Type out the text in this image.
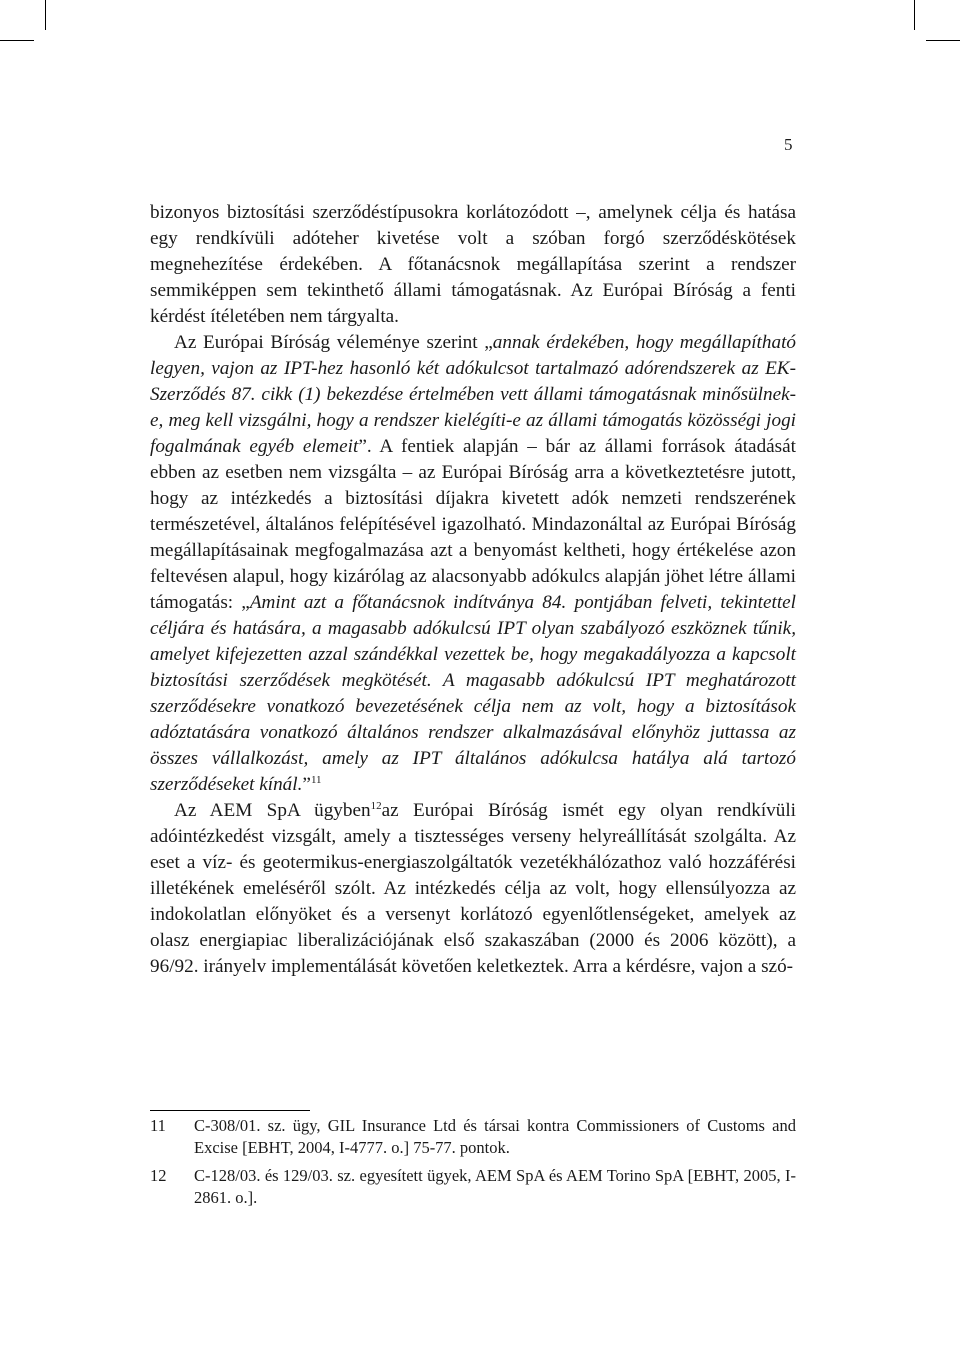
5

bizonyos biztosítási szerződéstípusokra korlátozódott –, amelynek célja és hatása egy rendkívüli adóteher kivetése volt a szóban forgó szerződéskötések megnehezítése érdekében. A főtanácsnok megállapítása szerint a rendszer semmiképpen sem tekinthető állami támogatásnak. Az Európai Bíróság a fenti kérdést ítéletében nem tárgyalta.

Az Európai Bíróság véleménye szerint „annak érdekében, hogy megállapítható legyen, vajon az IPT-hez hasonló két adókulcsot tartalmazó adórendszerek az EK-Szerződés 87. cikk (1) bekezdése értelmében vett állami támogatásnak minősülnek-e, meg kell vizsgálni, hogy a rendszer kielégíti-e az állami támogatás közösségi jogi fogalmának egyéb elemeit”. A fentiek alapján – bár az állami források átadását ebben az esetben nem vizsgálta – az Európai Bíróság arra a következtetésre jutott, hogy az intézkedés a biztosítási díjakra kivetett adók nemzeti rendszerének természetével, általános felépítésével igazolható. Mindazonáltal az Európai Bíróság megállapításainak megfogalmazása azt a benyomást keltheti, hogy értékelése azon feltevésen alapul, hogy kizárólag az alacsonyabb adókulcs alapján jöhet létre állami támogatás: „Amint azt a főtanácsnok indítványa 84. pontjában felveti, tekintettel céljára és hatására, a magasabb adókulcsú IPT olyan szabályozó eszköznek tűnik, amelyet kifejezetten azzal szándékkal vezettek be, hogy megakadályozza a kapcsolt biztosítási szerződések megkötését. A magasabb adókulcsú IPT meghatározott szerződésekre vonatkozó bevezetésének célja nem az volt, hogy a biztosítások adóztatására vonatkozó általános rendszer alkalmazásával előnyhöz juttassa az összes vállalkozást, amely az IPT általános adókulcsa hatálya alá tartozó szerződéseket kínál.”$^{11}$

Az AEM SpA ügyben$^{12}$az Európai Bíróság ismét egy olyan rendkívüli adóintézkedést vizsgált, amely a tisztességes verseny helyreállítását szolgálta. Az eset a víz- és geotermikus-energiaszolgáltatók vezetékhálózathoz való hozzáférési illetékének emeléséről szólt. Az intézkedés célja az volt, hogy ellensúlyozza az indokolatlan előnyöket és a versenyt korlátozó egyenlőtlenségeket, amelyek az olasz energiapiac liberalizációjának első szakaszában (2000 és 2006 között), a 96/92. irányelv implementálását követően keletkeztek. Arra a kérdésre, vajon a szó-

11	C-308/01. sz. ügy, GIL Insurance Ltd és társai kontra Commissioners of Customs and Excise [EBHT, 2004, I-4777. o.] 75-77. pontok.
12	C-128/03. és 129/03. sz. egyesített ügyek, AEM SpA és AEM Torino SpA [EBHT, 2005, I-2861. o.].
